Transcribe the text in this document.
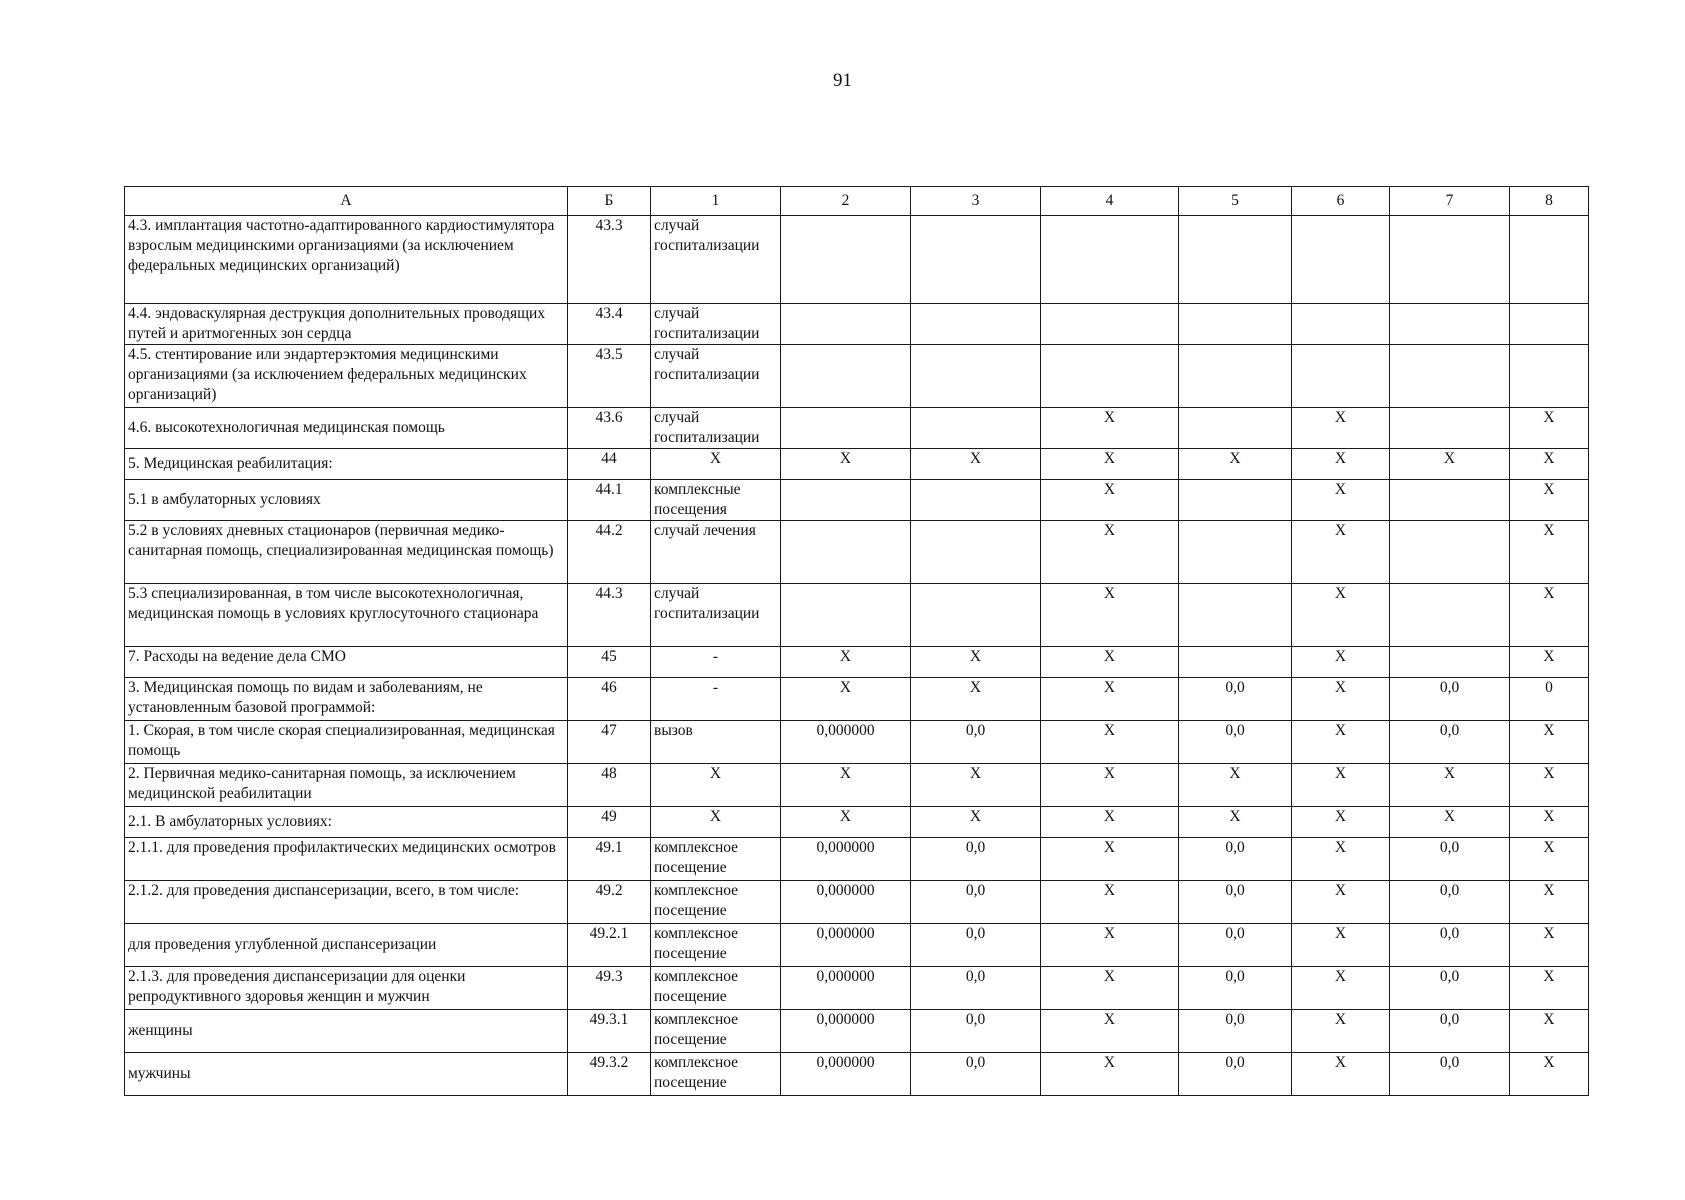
91
А	Б	1	2	3	4	5	6	7	8
4.3. имплантация частотно-адаптированного кардиостимулятора взрослым медицинскими организациями (за исключением федеральных медицинских организаций)	43.3	случай госпитализации							
4.4. эндоваскулярная деструкция дополнительных проводящих путей и аритмогенных зон сердца	43.4	случай госпитализации							
4.5. стентирование или эндартерэктомия медицинскими организациями (за исключением федеральных медицинских организаций)	43.5	случай госпитализации							
4.6. высокотехнологичная медицинская помощь	43.6	случай госпитализации			Х		Х		Х
5. Медицинская реабилитация:	44	Х	Х	Х	Х	Х	Х	Х	Х
5.1 в амбулаторных условиях	44.1	комплексные посещения			Х		Х		Х
5.2 в условиях дневных стационаров (первичная медико-санитарная помощь, специализированная медицинская помощь)	44.2	случай лечения			Х		Х		Х
5.3 специализированная, в том числе высокотехнологичная, медицинская помощь в условиях круглосуточного стационара	44.3	случай госпитализации			Х		Х		Х
7. Расходы на ведение дела СМО	45	-	Х	Х	Х		Х		Х
3. Медицинская помощь по видам и заболеваниям, не установленным базовой программой:	46	-	Х	Х	Х	0,0	Х	0,0	0
1. Скорая, в том числе скорая специализированная, медицинская помощь	47	вызов	0,000000	0,0	Х	0,0	Х	0,0	Х
2. Первичная медико-санитарная помощь, за исключением медицинской реабилитации	48	Х	Х	Х	Х	Х	Х	Х	Х
2.1. В амбулаторных условиях:	49	Х	Х	Х	Х	Х	Х	Х	Х
2.1.1. для проведения профилактических медицинских осмотров	49.1	комплексное посещение	0,000000	0,0	Х	0,0	Х	0,0	Х
2.1.2. для проведения диспансеризации, всего, в том числе:	49.2	комплексное посещение	0,000000	0,0	Х	0,0	Х	0,0	Х
для проведения углубленной диспансеризации	49.2.1	комплексное посещение	0,000000	0,0	Х	0,0	Х	0,0	Х
2.1.3. для проведения диспансеризации для оценки репродуктивного здоровья женщин и мужчин	49.3	комплексное посещение	0,000000	0,0	Х	0,0	Х	0,0	Х
женщины	49.3.1	комплексное посещение	0,000000	0,0	Х	0,0	Х	0,0	Х
мужчины	49.3.2	комплексное посещение	0,000000	0,0	Х	0,0	Х	0,0	Х
